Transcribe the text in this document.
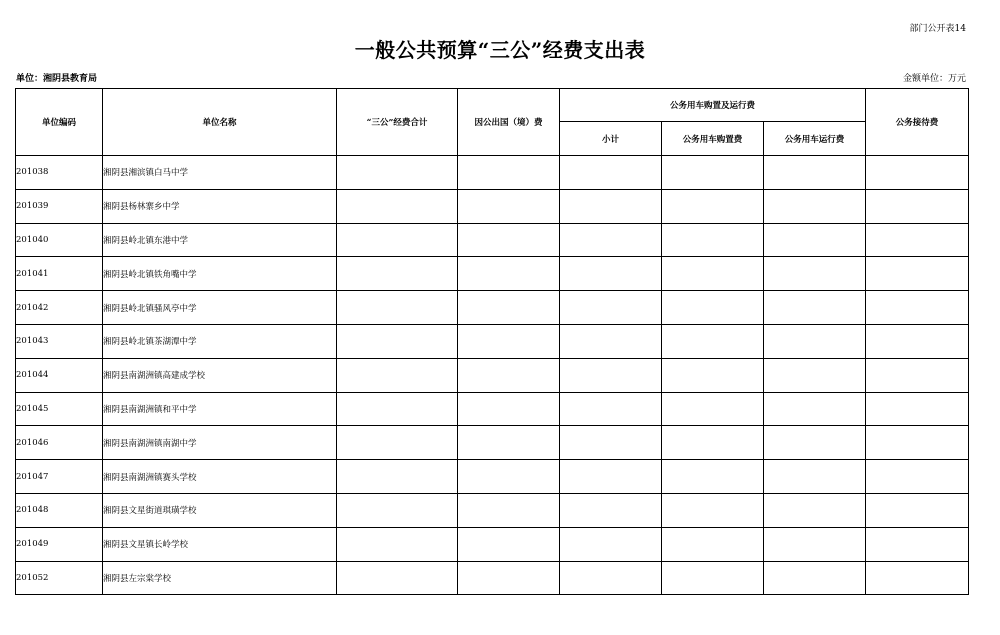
部门公开表14
一般公共预算“三公”经费支出表
单位：湘阴县教育局	金额单位：万元
单位编码	单位名称	“三公”经费合计	因公出国（境）费	公务用车购置及运行费			公务接待费
				小计	公务用车购置费	公务用车运行费	
201038	湘阴县湘滨镇白马中学						
201039	湘阴县杨林寨乡中学						
201040	湘阴县岭北镇东港中学						
201041	湘阴县岭北镇铁角嘴中学						
201042	湘阴县岭北镇骚风亭中学						
201043	湘阴县岭北镇茶湖潭中学						
201044	湘阴县南湖洲镇高建成学校						
201045	湘阴县南湖洲镇和平中学						
201046	湘阴县南湖洲镇南湖中学						
201047	湘阴县南湖洲镇赛头学校						
201048	湘阴县文星街道琪璜学校						
201049	湘阴县文星镇长岭学校						
201052	湘阴县左宗棠学校						
